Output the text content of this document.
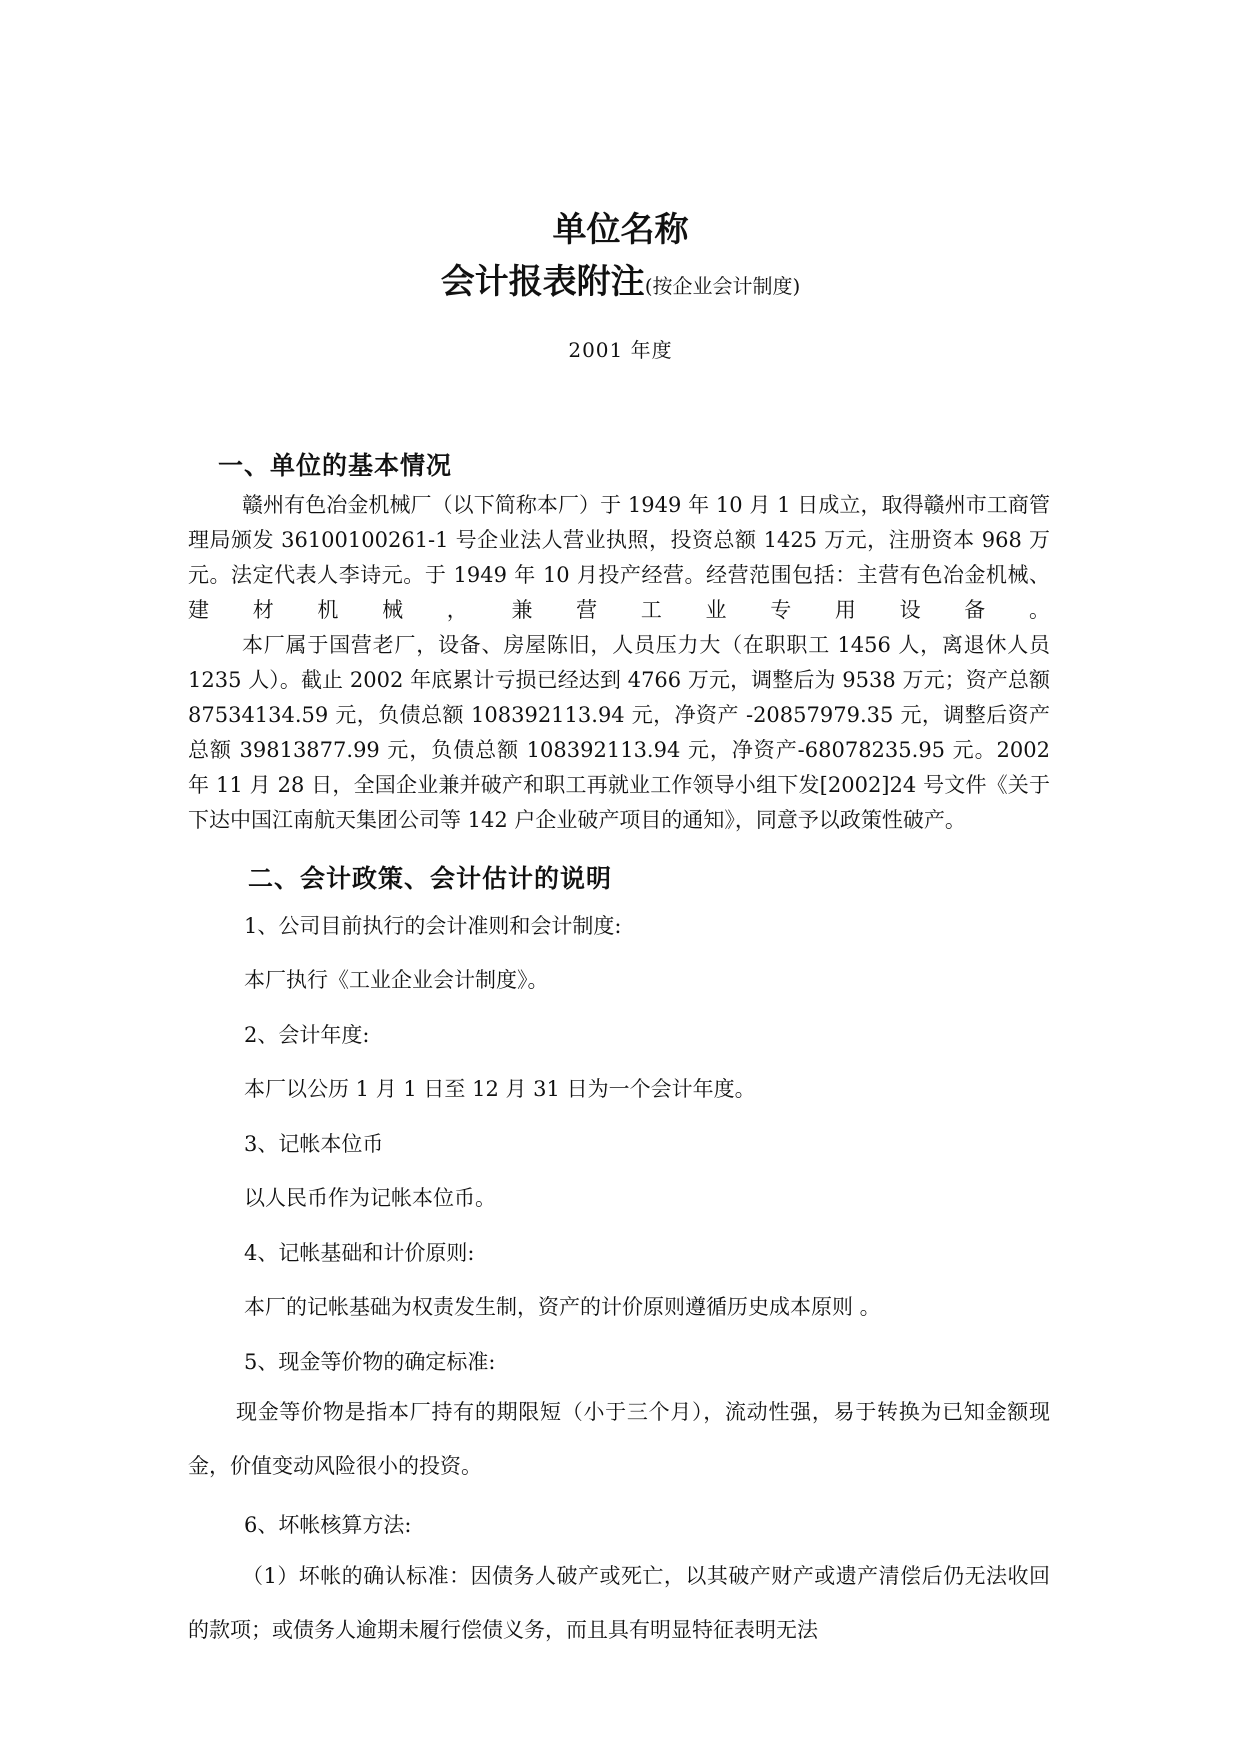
单位名称
会计报表附注(按企业会计制度)
2001 年度
一、单位的基本情况
赣州有色冶金机械厂（以下简称本厂）于 1949 年 10 月 1 日成立，取得赣州市工商管理局颁发 36100100261-1 号企业法人营业执照，投资总额 1425 万元，注册资本 968 万元。法定代表人李诗元。于 1949 年 10 月投产经营。经营范围包括：主营有色冶金机械、建材机械，兼营工业专用设备。
本厂属于国营老厂，设备、房屋陈旧，人员压力大（在职职工 1456 人，离退休人员 1235 人）。截止 2002 年底累计亏损已经达到 4766 万元，调整后为 9538 万元；资产总额 87534134.59 元，负债总额 108392113.94 元，净资产 -20857979.35 元，调整后资产总额 39813877.99 元，负债总额 108392113.94 元，净资产-68078235.95 元。2002 年 11 月 28 日，全国企业兼并破产和职工再就业工作领导小组下发[2002]24 号文件《关于下达中国江南航天集团公司等 142 户企业破产项目的通知》，同意予以政策性破产。
二、会计政策、会计估计的说明
1、公司目前执行的会计准则和会计制度:
本厂执行《工业企业会计制度》。
2、会计年度:
本厂以公历 1 月 1 日至 12 月 31 日为一个会计年度。
3、记帐本位币
以人民币作为记帐本位币。
4、记帐基础和计价原则:
本厂的记帐基础为权责发生制，资产的计价原则遵循历史成本原则 。
5、现金等价物的确定标准:
现金等价物是指本厂持有的期限短（小于三个月），流动性强，易于转换为已知金额现金，价值变动风险很小的投资。
6、坏帐核算方法:
（1）坏帐的确认标准：因债务人破产或死亡，以其破产财产或遗产清偿后仍无法收回的款项；或债务人逾期未履行偿债义务，而且具有明显特征表明无法
